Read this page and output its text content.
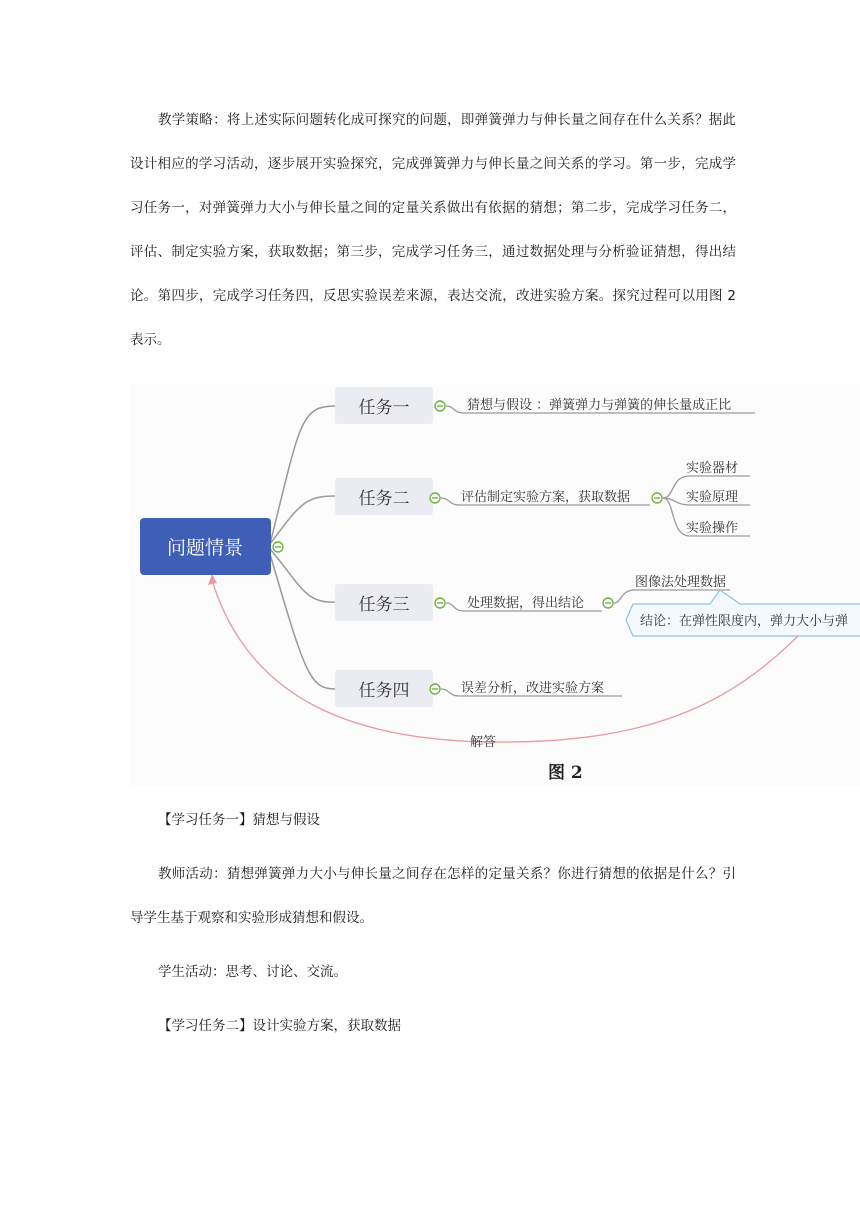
教学策略：将上述实际问题转化成可探究的问题，即弹簧弹力与伸长量之间存在什么关系？据此设计相应的学习活动，逐步展开实验探究，完成弹簧弹力与伸长量之间关系的学习。第一步，完成学习任务一，对弹簧弹力大小与伸长量之间的定量关系做出有依据的猜想；第二步，完成学习任务二，评估、制定实验方案，获取数据；第三步，完成学习任务三，通过数据处理与分析验证猜想，得出结论。第四步，完成学习任务四，反思实验误差来源，表达交流，改进实验方案。探究过程可以用图 2 表示。

问题情景
任务一
任务二
任务三
任务四
猜想与假设 ：弹簧弹力与弹簧的伸长量成正比
评估制定实验方案，获取数据
实验器材
实验原理
实验操作
处理数据，得出结论
图像法处理数据
误差分析，改进实验方案
结论：在弹性限度内，弹力大小与弹
解答
图 2

【学习任务一】猜想与假设

教师活动：猜想弹簧弹力大小与伸长量之间存在怎样的定量关系？你进行猜想的依据是什么？引导学生基于观察和实验形成猜想和假设。

学生活动：思考、讨论、交流。

【学习任务二】设计实验方案，获取数据
